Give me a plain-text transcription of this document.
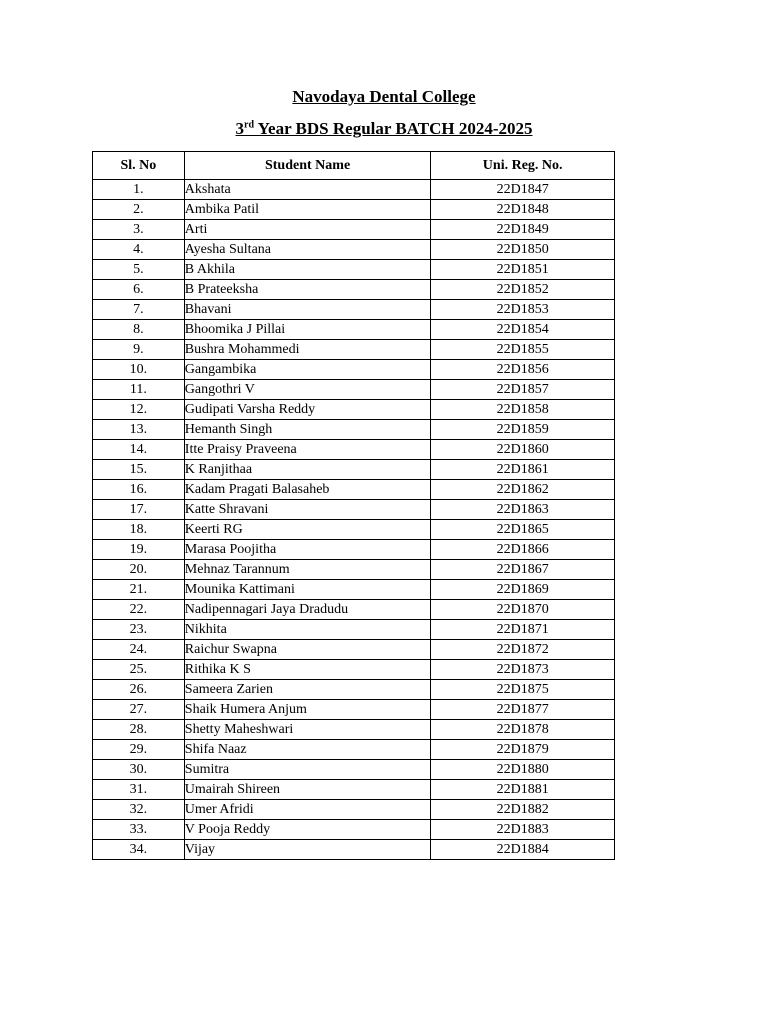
Navodaya Dental College
3rd Year BDS Regular BATCH 2024-2025
Sl. No	Student Name	Uni. Reg. No.
1.	Akshata	22D1847
2.	Ambika Patil	22D1848
3.	Arti	22D1849
4.	Ayesha Sultana	22D1850
5.	B Akhila	22D1851
6.	B Prateeksha	22D1852
7.	Bhavani	22D1853
8.	Bhoomika J Pillai	22D1854
9.	Bushra Mohammedi	22D1855
10.	Gangambika	22D1856
11.	Gangothri V	22D1857
12.	Gudipati Varsha Reddy	22D1858
13.	Hemanth Singh	22D1859
14.	Itte Praisy Praveena	22D1860
15.	K Ranjithaa	22D1861
16.	Kadam Pragati Balasaheb	22D1862
17.	Katte Shravani	22D1863
18.	Keerti RG	22D1865
19.	Marasa Poojitha	22D1866
20.	Mehnaz Tarannum	22D1867
21.	Mounika Kattimani	22D1869
22.	Nadipennagari Jaya Dradudu	22D1870
23.	Nikhita	22D1871
24.	Raichur Swapna	22D1872
25.	Rithika K S	22D1873
26.	Sameera Zarien	22D1875
27.	Shaik Humera Anjum	22D1877
28.	Shetty Maheshwari	22D1878
29.	Shifa Naaz	22D1879
30.	Sumitra	22D1880
31.	Umairah Shireen	22D1881
32.	Umer Afridi	22D1882
33.	V Pooja Reddy	22D1883
34.	Vijay	22D1884
